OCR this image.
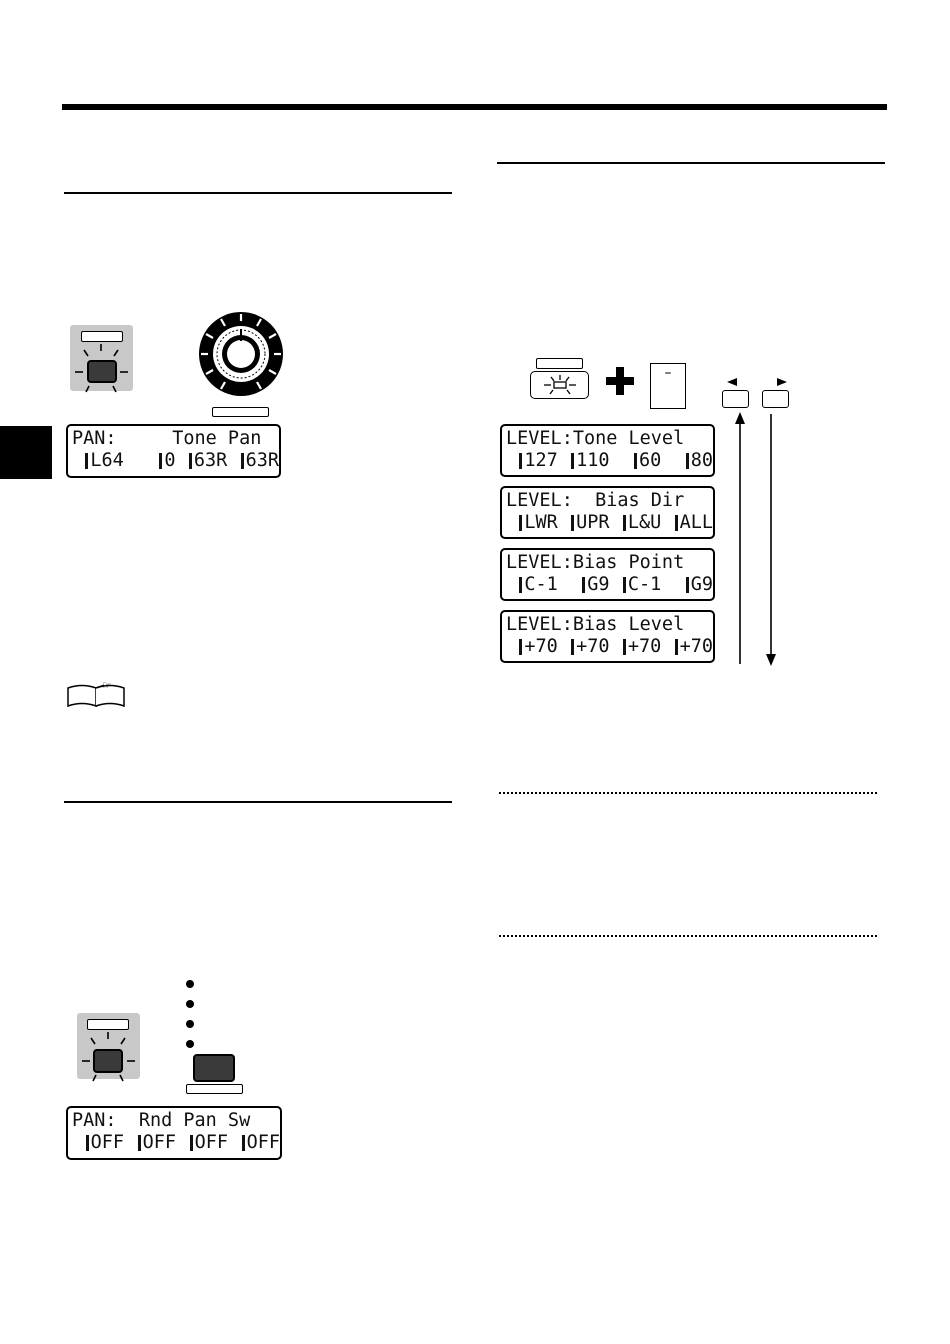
PAN:     Tone Pan
L64 0 63R 63R
☞
PAN:  Rnd Pan Sw
OFF OFF OFF OFF
–
LEVEL:Tone Level
127 110 60 80
LEVEL:  Bias Dir
LWR UPR L&U ALL
LEVEL:Bias Point
C-1 G9 C-1 G9
LEVEL:Bias Level
+70 +70 +70 +70
